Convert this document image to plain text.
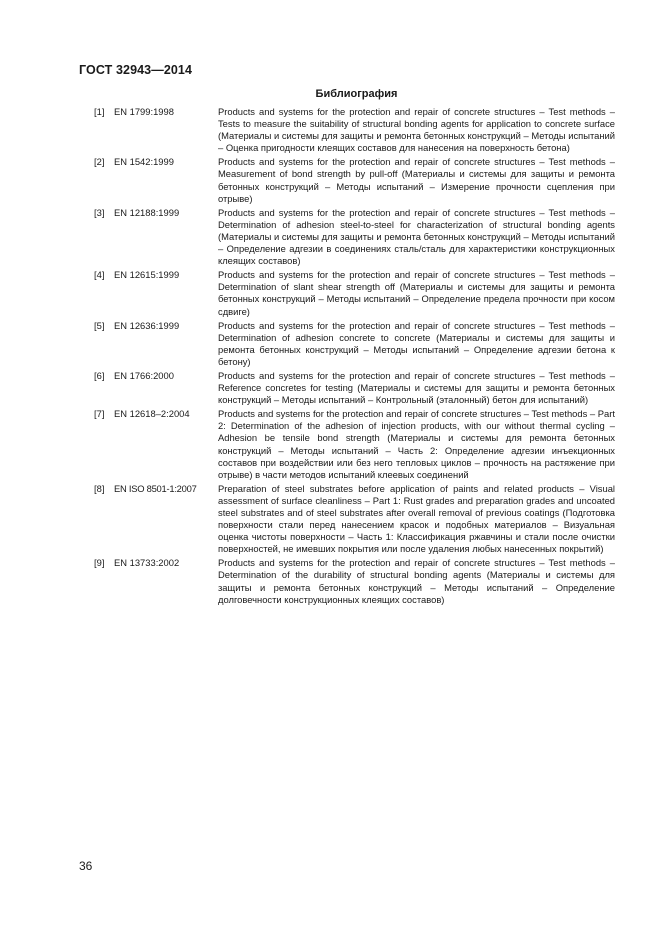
ГОСТ 32943—2014
Библиография
[1]	EN 1799:1998	Products and systems for the protection and repair of concrete structures – Test methods – Tests to measure the suitability of structural bonding agents for application to concrete surface (Материалы и системы для защиты и ремонта бетонных конструкций – Методы испытаний – Оценка пригодности клеящих составов для нанесения на поверхность бетона)
[2]	EN 1542:1999	Products and systems for the protection and repair of concrete structures – Test methods – Measurement of bond strength by pull-off (Материалы и системы для защиты и ремонта бетонных конструкций – Методы испытаний – Измерение прочности сцепления при отрыве)
[3]	EN 12188:1999	Products and systems for the protection and repair of concrete structures – Test methods – Determination of adhesion steel-to-steel for characterization of structural bonding agents (Материалы и системы для защиты и ремонта бетонных конструкций – Методы испытаний – Определение адгезии в соединениях сталь/сталь для характеристики конструкционных клеящих составов)
[4]	EN 12615:1999	Products and systems for the protection and repair of concrete structures – Test methods – Determination of slant shear strength off (Материалы и системы для защиты и ремонта бетонных конструкций – Методы испытаний – Определение предела прочности при косом сдвиге)
[5]	EN 12636:1999	Products and systems for the protection and repair of concrete structures – Test methods – Determination of adhesion concrete to concrete (Материалы и системы для защиты и ремонта бетонных конструкций – Методы испытаний – Определение адгезии бетона к бетону)
[6]	EN 1766:2000	Products and systems for the protection and repair of concrete structures – Test methods – Reference concretes for testing (Материалы и системы для защиты и ремонта бетонных конструкций – Методы испытаний – Контрольный (эталонный) бетон для испытаний)
[7]	EN 12618–2:2004	Products and systems for the protection and repair of concrete structures – Test methods – Part 2: Determination of the adhesion of injection products, with our without thermal cycling – Adhesion be tensile bond strength (Материалы и системы для ремонта бетонных конструкций – Методы испытаний – Часть 2: Определение адгезии инъекционных составов при воздействии или без него тепловых циклов – прочность на растяжение при отрыве) в части методов испытаний клеевых соединений
[8]	EN ISO 8501-1:2007	Preparation of steel substrates before application of paints and related products – Visual assessment of surface cleanliness – Part 1: Rust grades and preparation grades and uncoated steel substrates and of steel substrates after overall removal of previous coatings (Подготовка поверхности стали перед нанесением красок и подобных материалов – Визуальная оценка чистоты поверхности – Часть 1: Классификация ржавчины и стали после очистки поверхностей, не имевших покрытия или после удаления любых нанесенных покрытий)
[9]	EN 13733:2002	Products and systems for the protection and repair of concrete structures – Test methods – Determination of the durability of structural bonding agents (Материалы и системы для защиты и ремонта бетонных конструкций – Методы испытаний – Определение долговечности конструкционных клеящих составов)
36
